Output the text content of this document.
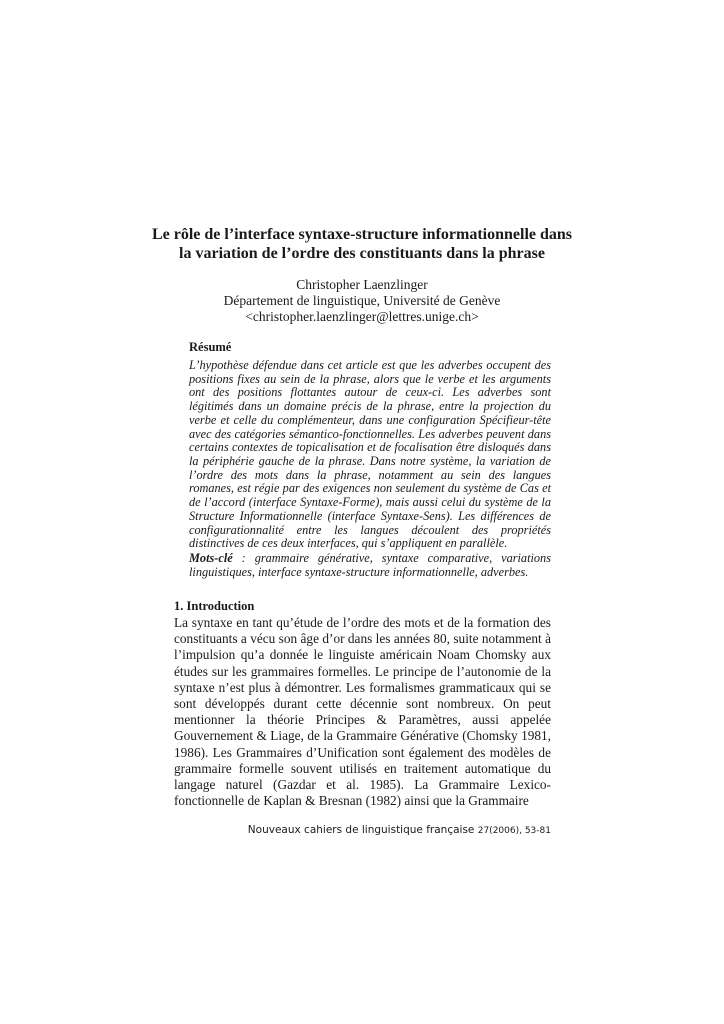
Le rôle de l’interface syntaxe-structure informationnelle dans la variation de l’ordre des constituants dans la phrase
Christopher Laenzlinger
Département de linguistique, Université de Genève
<christopher.laenzlinger@lettres.unige.ch>
Résumé

L’hypothèse défendue dans cet article est que les adverbes occupent des positions fixes au sein de la phrase, alors que le verbe et les arguments ont des positions flottantes autour de ceux-ci. Les adverbes sont légitimés dans un domaine précis de la phrase, entre la projection du verbe et celle du complémenteur, dans une configuration Spécifieur-tête avec des catégories sémantico-fonctionnelles. Les adverbes peuvent dans certains contextes de topicalisation et de focalisation être disloqués dans la périphérie gauche de la phrase. Dans notre système, la variation de l’ordre des mots dans la phrase, notamment au sein des langues romanes, est régie par des exigences non seulement du système de Cas et de l’accord (interface Syntaxe-Forme), mais aussi celui du système de la Structure Informationnelle (interface Syntaxe-Sens). Les différences de configurationnalité entre les langues découlent des propriétés distinctives de ces deux interfaces, qui s’appliquent en parallèle.

Mots-clé : grammaire générative, syntaxe comparative, variations linguistiques, interface syntaxe-structure informationnelle, adverbes.

1. Introduction

La syntaxe en tant qu’étude de l’ordre des mots et de la formation des constituants a vécu son âge d’or dans les années 80, suite notamment à l’impulsion qu’a donnée le linguiste américain Noam Chomsky aux études sur les grammaires formelles. Le principe de l’autonomie de la syntaxe n’est plus à démontrer. Les formalismes grammaticaux qui se sont développés durant cette décennie sont nombreux. On peut mentionner la théorie Principes & Paramètres, aussi appelée Gouvernement & Liage, de la Grammaire Générative (Chomsky 1981, 1986). Les Grammaires d’Unification sont également des modèles de grammaire formelle souvent utilisés en traitement automatique du langage naturel (Gazdar et al. 1985). La Grammaire Lexico-fonctionnelle de Kaplan & Bresnan (1982) ainsi que la Grammaire

Nouveaux cahiers de linguistique française 27(2006), 53-81
